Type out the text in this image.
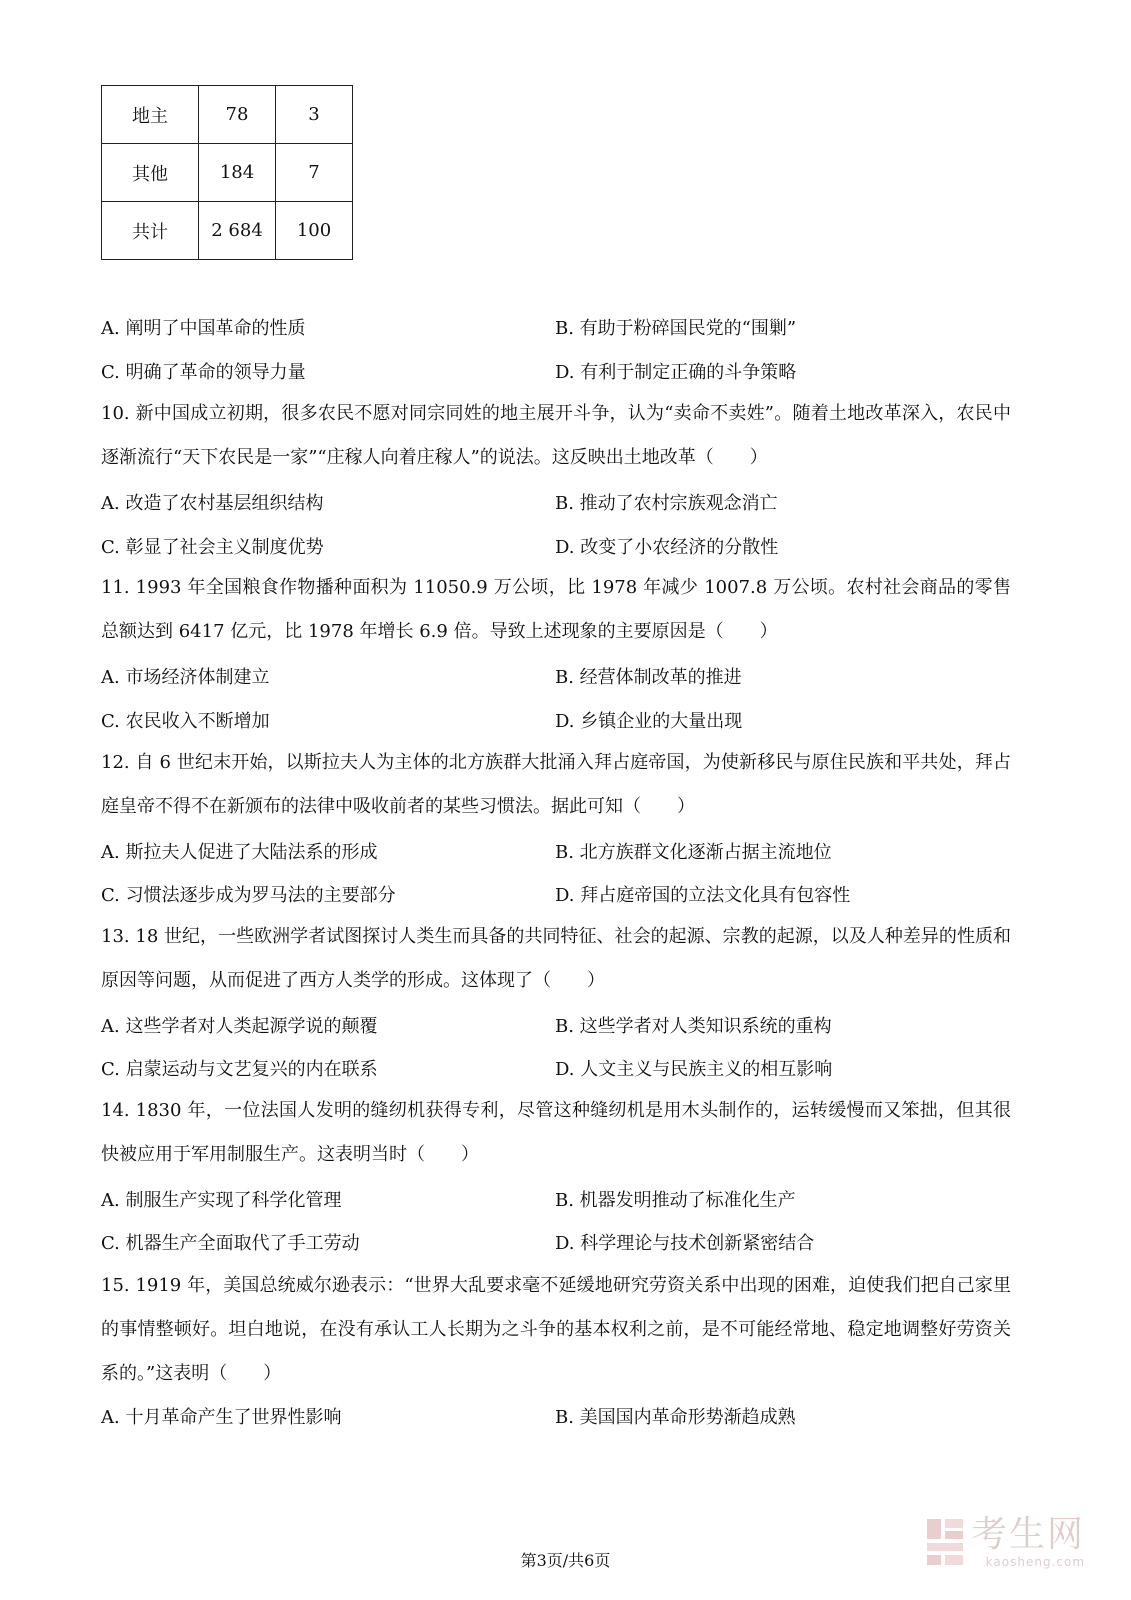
地主	78	3
其他	184	7
共计	2 684	100
A. 阐明了中国革命的性质	B. 有助于粉碎国民党的“围剿”
C. 明确了革命的领导力量	D. 有利于制定正确的斗争策略
10. 新中国成立初期，很多农民不愿对同宗同姓的地主展开斗争，认为“卖命不卖姓”。随着土地改革深入，农民中逐渐流行“天下农民是一家”“庄稼人向着庄稼人”的说法。这反映出土地改革（　　）
A. 改造了农村基层组织结构	B. 推动了农村宗族观念消亡
C. 彰显了社会主义制度优势	D. 改变了小农经济的分散性
11. 1993 年全国粮食作物播种面积为 11050.9 万公顷，比 1978 年减少 1007.8 万公顷。农村社会商品的零售总额达到 6417 亿元，比 1978 年增长 6.9 倍。导致上述现象的主要原因是（　　）
A. 市场经济体制建立	B. 经营体制改革的推进
C. 农民收入不断增加	D. 乡镇企业的大量出现
12. 自 6 世纪末开始，以斯拉夫人为主体的北方族群大批涌入拜占庭帝国，为使新移民与原住民族和平共处，拜占庭皇帝不得不在新颁布的法律中吸收前者的某些习惯法。据此可知（　　）
A. 斯拉夫人促进了大陆法系的形成	B. 北方族群文化逐渐占据主流地位
C. 习惯法逐步成为罗马法的主要部分	D. 拜占庭帝国的立法文化具有包容性
13. 18 世纪，一些欧洲学者试图探讨人类生而具备的共同特征、社会的起源、宗教的起源，以及人种差异的性质和原因等问题，从而促进了西方人类学的形成。这体现了（　　）
A. 这些学者对人类起源学说的颠覆	B. 这些学者对人类知识系统的重构
C. 启蒙运动与文艺复兴的内在联系	D. 人文主义与民族主义的相互影响
14. 1830 年，一位法国人发明的缝纫机获得专利，尽管这种缝纫机是用木头制作的，运转缓慢而又笨拙，但其很快被应用于军用制服生产。这表明当时（　　）
A. 制服生产实现了科学化管理	B. 机器发明推动了标准化生产
C. 机器生产全面取代了手工劳动	D. 科学理论与技术创新紧密结合
15. 1919 年，美国总统威尔逊表示：“世界大乱要求毫不延缓地研究劳资关系中出现的困难，迫使我们把自己家里的事情整顿好。坦白地说，在没有承认工人长期为之斗争的基本权利之前，是不可能经常地、稳定地调整好劳资关系的。”这表明（　　）
A. 十月革命产生了世界性影响	B. 美国国内革命形势渐趋成熟
第3页/共6页
考生网
kaosheng.com
